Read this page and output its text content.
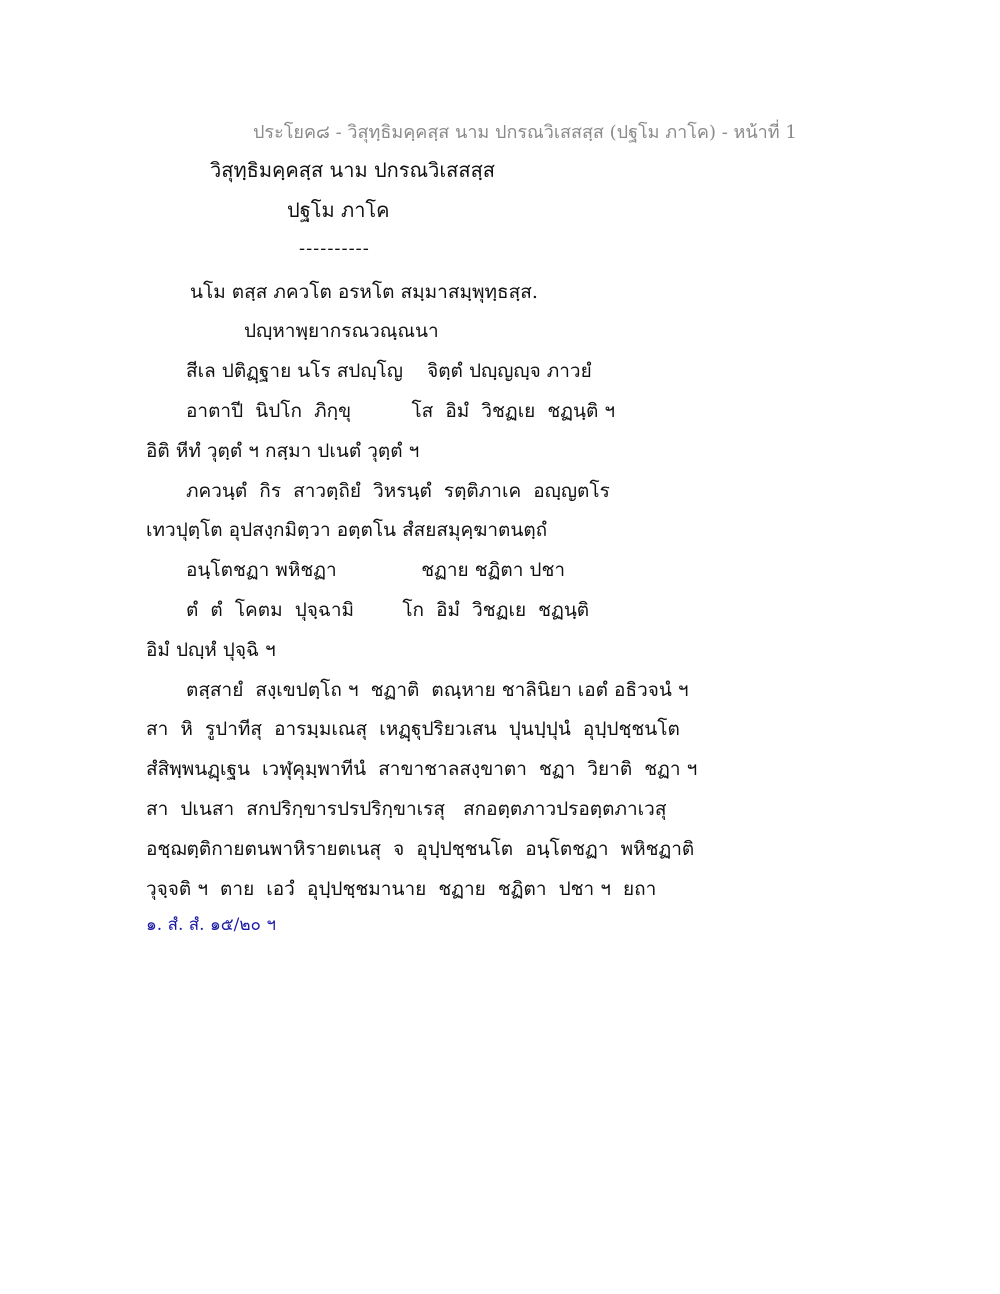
ประโยค๘ - วิสุทฺธิมคฺคสฺส นาม ปกรณวิเสสสฺส (ปฐโม ภาโค) - หน้าที่ 1
วิสุทฺธิมคฺคสฺส นาม ปกรณวิเสสสฺส
ปฐโม ภาโค
----------
นโม ตสฺส ภควโต อรหโต สมฺมาสมฺพุทฺธสฺส.
ปญฺหาพฺยากรณวณฺณนา
สีเล ปติฏฺฐาย นโร สปญฺโญ    จิตฺตํ ปญฺญญฺจ ภาวยํ
อาตาปี  นิปโก  ภิกฺขุ          โส  อิมํ  วิชฏเย  ชฏนฺติ ฯ
อิติ หีทํ วุตฺตํ ฯ กสฺมา ปเนตํ วุตฺตํ ฯ
ภควนฺตํ  กิร  สาวตฺถิยํ  วิหรนฺตํ  รตฺติภาเค  อญฺญตโร
เทวปุตฺโต อุปสงฺกมิตฺวา อตฺตโน สํสยสมุคฺฆาตนตฺถํ
อนฺโตชฏา พหิชฏา              ชฏาย ชฏิตา ปชา
ตํ  ตํ  โคตม  ปุจฺฉามิ        โก  อิมํ  วิชฏเย  ชฏนฺติ
อิมํ ปญฺหํ ปุจฺฉิ ฯ
ตสฺสายํ  สงฺเขปตฺโถ ฯ  ชฏาติ  ตณฺหาย ชาลินิยา เอตํ อธิวจนํ ฯ
สา  หิ  รูปาทีสุ  อารมฺมเณสุ  เหฏฺฐุปริยวเสน  ปุนปฺปุนํ  อุปฺปชฺชนโต
สํสิพฺพนฏฺเฐน  เวฬุคุมฺพาทีนํ  สาขาชาลสงฺขาตา  ชฏา  วิยาติ  ชฏา ฯ
สา  ปเนสา  สกปริกฺขารปรปริกฺขาเรสุ   สกอตฺตภาวปรอตฺตภาเวสุ
อชฺฌตฺติกายตนพาหิรายตเนสุ  จ  อุปฺปชฺชนโต  อนฺโตชฏา  พหิชฏาติ
วุจฺจติ ฯ  ตาย  เอวํ  อุปฺปชฺชมานาย  ชฏาย  ชฏิตา  ปชา ฯ  ยถา
๑. สํ. สํ. ๑๕/๒๐ ฯ
